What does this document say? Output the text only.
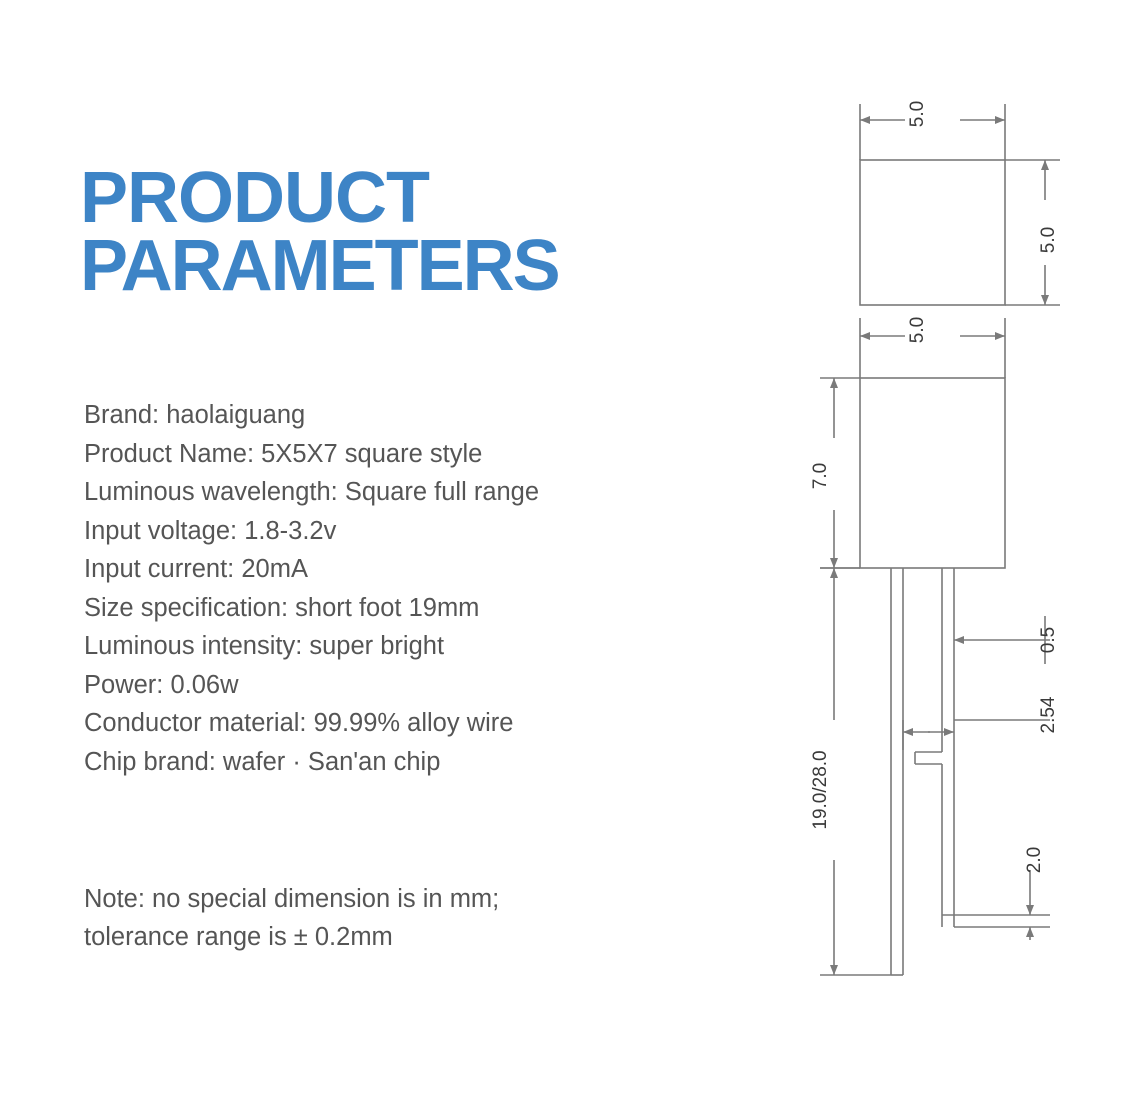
PRODUCT
PARAMETERS
Brand: haolaiguang
Product Name: 5X5X7 square style
Luminous wavelength: Square full range
Input voltage: 1.8-3.2v
Input current: 20mA
Size specification: short foot 19mm
Luminous intensity: super bright
Power: 0.06w
Conductor material: 99.99% alloy wire
Chip brand: wafer · San'an chip
Note: no special dimension is in mm;
tolerance range is ± 0.2mm
5.0
5.0
5.0
7.0
0.5
2.54
19.0/28.0
2.0
